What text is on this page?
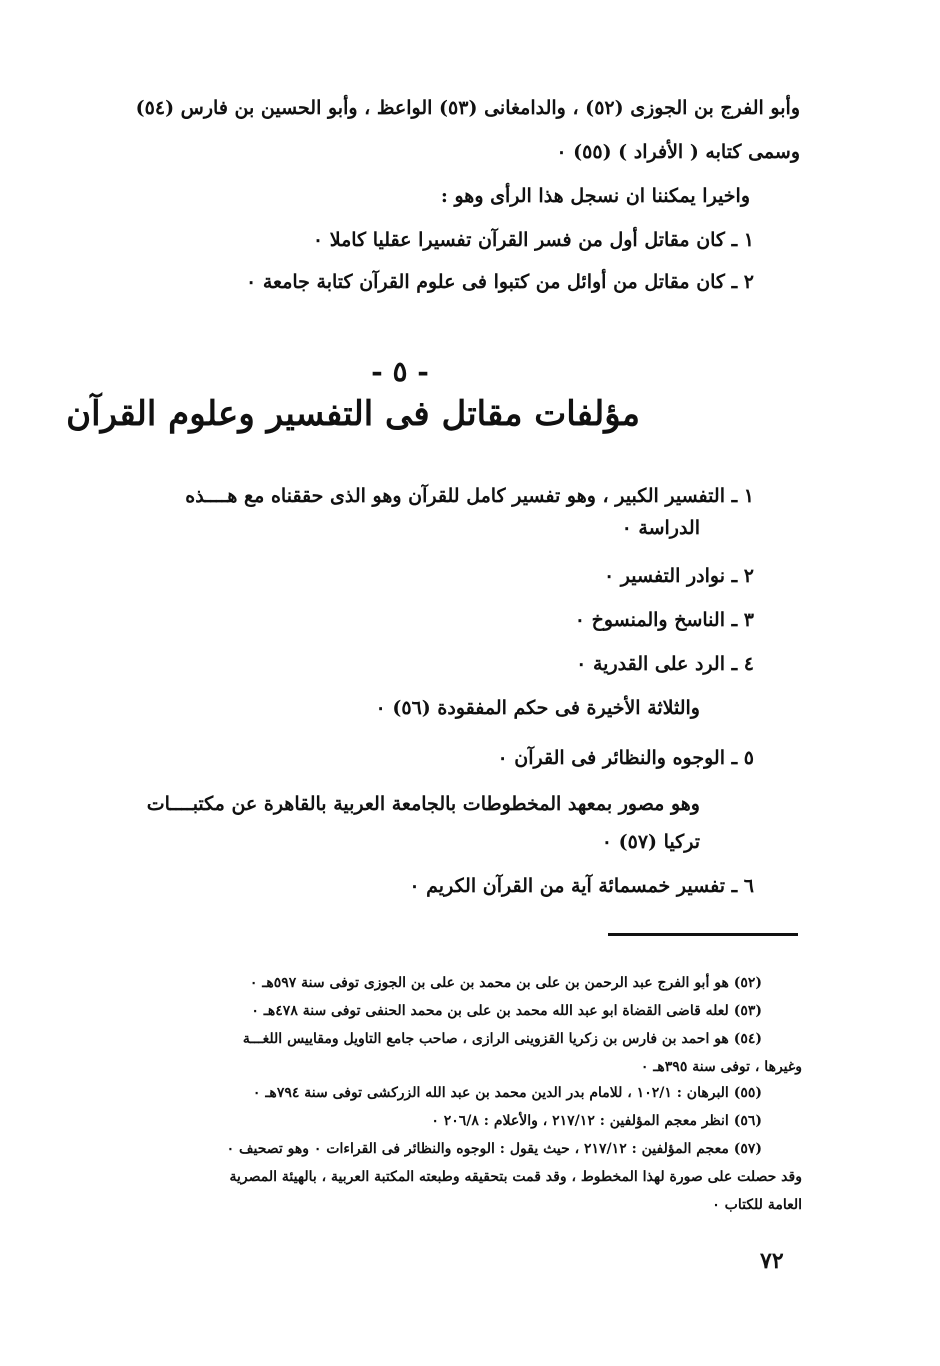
وأبو الفرج بن الجوزى (٥٢) ، والدامغانى (٥٣) الواعظ ، وأبو الحسين بن فارس (٥٤)

وسمى كتابه ( الأفراد ) (٥٥) ٠

واخيرا يمكننا ان نسجل هذا الرأى وهو :

١ ـ كان مقاتل أول من فسر القرآن تفسيرا عقليا كاملا ٠

٢ ـ كان مقاتل من أوائل من كتبوا فى علوم القرآن كتابة جامعة ٠

- ٥ -

مؤلفات مقاتل فى التفسير وعلوم القرآن

١ ـ التفسير الكبير ، وهو تفسير كامل للقرآن وهو الذى حققناه مع هــــذه

الدراسة ٠

٢ ـ نوادر التفسير ٠

٣ ـ الناسخ والمنسوخ ٠

٤ ـ الرد على القدرية ٠

والثلاثة الأخيرة فى حكم المفقودة (٥٦) ٠

٥ ـ الوجوه والنظائر فى القرآن ٠

وهو مصور بمعهد المخطوطات بالجامعة العربية بالقاهرة عن مكتبــــات

تركيا (٥٧) ٠

٦ ـ تفسير خمسمائة آية من القرآن الكريم ٠

(٥٢) هو أبو الفرج عبد الرحمن بن على بن محمد بن على بن الجوزى توفى سنة ٥٩٧هـ ٠

(٥٣) لعله قاضى القضاة ابو عبد الله محمد بن على بن محمد الحنفى توفى سنة ٤٧٨هـ ٠

(٥٤) هو احمد بن فارس بن زكريا القزوينى الرازى ، صاحب جامع التاويل ومقاييس اللغـــة

وغيرها ، توفى سنة ٣٩٥هـ ٠

(٥٥) البرهان : ١٠٢/١ ، للامام بدر الدين محمد بن عبد الله الزركشى توفى سنة ٧٩٤هـ ٠

(٥٦) انظر معجم المؤلفين : ٢١٧/١٢ ، والأعلام : ٢٠٦/٨ ٠

(٥٧) معجم المؤلفين : ٢١٧/١٢ ، حيث يقول : الوجوه والنظائر فى القراءات ٠ وهو تصحيف ٠

وقد حصلت على صورة لهذا المخطوط ، وقد قمت بتحقيقه وطبعته المكتبة العربية ، بالهيئة المصرية

العامة للكتاب ٠

٧٢
